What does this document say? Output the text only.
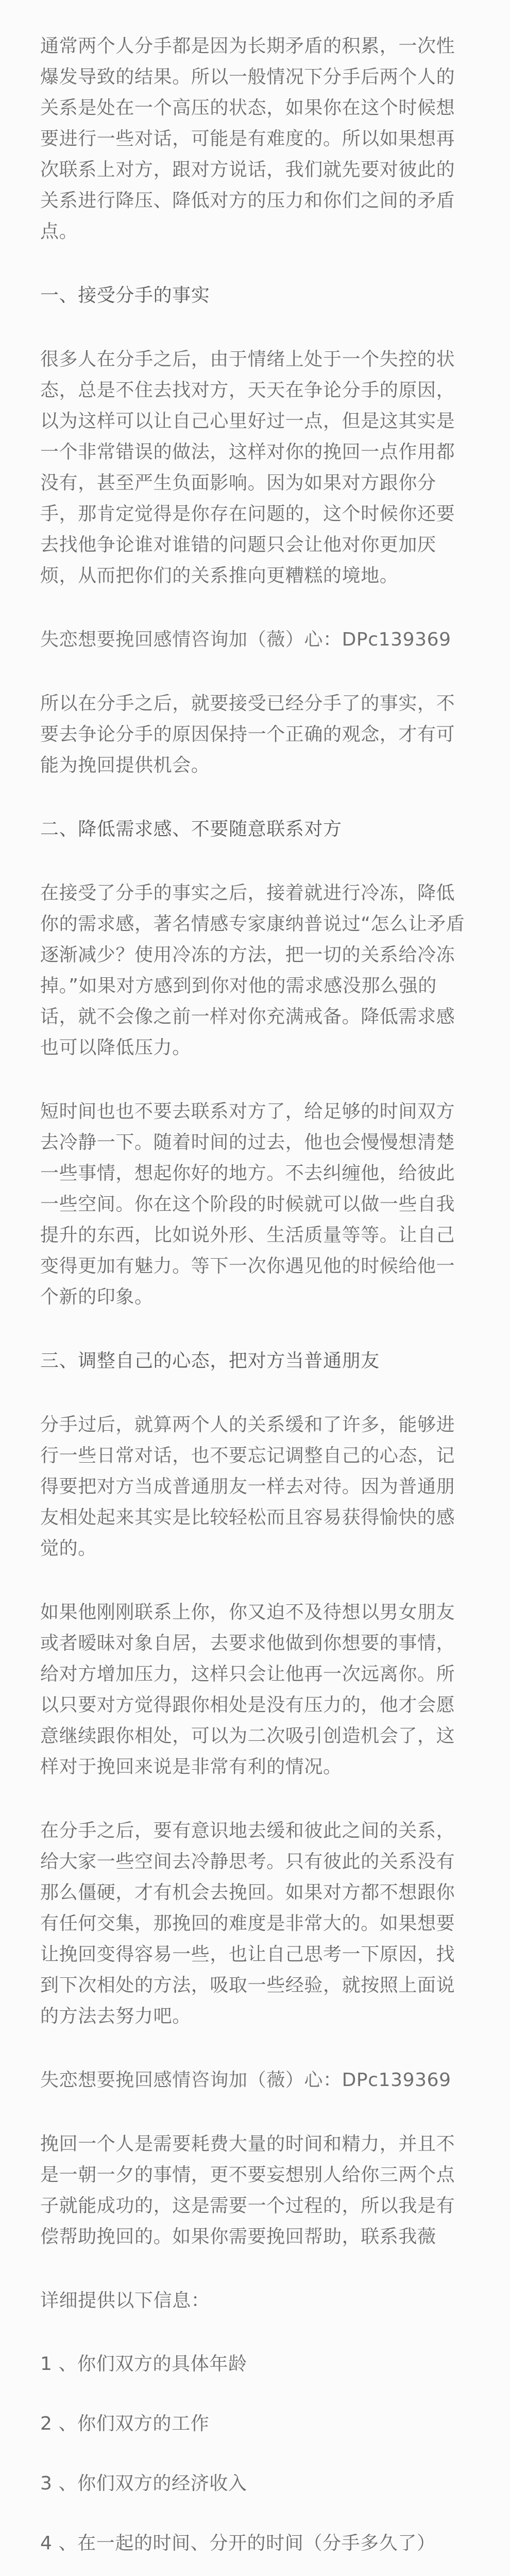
通常两个人分手都是因为长期矛盾的积累，一次性爆发导致的结果。所以一般情况下分手后两个人的关系是处在一个高压的状态，如果你在这个时候想要进行一些对话，可能是有难度的。所以如果想再次联系上对方，跟对方说话，我们就先要对彼此的关系进行降压、降低对方的压力和你们之间的矛盾点。
一、接受分手的事实
很多人在分手之后，由于情绪上处于一个失控的状态，总是不住去找对方，天天在争论分手的原因，以为这样可以让自己心里好过一点，但是这其实是一个非常错误的做法，这样对你的挽回一点作用都没有，甚至严生负面影响。因为如果对方跟你分手，那肯定觉得是你存在问题的，这个时候你还要去找他争论谁对谁错的问题只会让他对你更加厌烦，从而把你们的关系推向更糟糕的境地。
失恋想要挽回感情咨询加（薇）心：DPc139369
所以在分手之后，就要接受已经分手了的事实，不要去争论分手的原因保持一个正确的观念，才有可能为挽回提供机会。
二、降低需求感、不要随意联系对方
在接受了分手的事实之后，接着就进行冷冻，降低你的需求感，著名情感专家康纳普说过“怎么让矛盾逐渐减少？使用冷冻的方法，把一切的关系给冷冻掉。”如果对方感到到你对他的需求感没那么强的话，就不会像之前一样对你充满戒备。降低需求感也可以降低压力。
短时间也也不要去联系对方了，给足够的时间双方去冷静一下。随着时间的过去，他也会慢慢想清楚一些事情，想起你好的地方。不去纠缠他，给彼此一些空间。你在这个阶段的时候就可以做一些自我提升的东西，比如说外形、生活质量等等。让自己变得更加有魅力。等下一次你遇见他的时候给他一个新的印象。
三、调整自己的心态，把对方当普通朋友
分手过后，就算两个人的关系缓和了许多，能够进行一些日常对话，也不要忘记调整自己的心态，记得要把对方当成普通朋友一样去对待。因为普通朋友相处起来其实是比较轻松而且容易获得愉快的感觉的。
如果他刚刚联系上你，你又迫不及待想以男女朋友或者暧昧对象自居，去要求他做到你想要的事情，给对方增加压力，这样只会让他再一次远离你。所以只要对方觉得跟你相处是没有压力的，他才会愿意继续跟你相处，可以为二次吸引创造机会了，这样对于挽回来说是非常有利的情况。
在分手之后，要有意识地去缓和彼此之间的关系，给大家一些空间去冷静思考。只有彼此的关系没有那么僵硬，才有机会去挽回。如果对方都不想跟你有任何交集，那挽回的难度是非常大的。如果想要让挽回变得容易一些，也让自己思考一下原因，找到下次相处的方法，吸取一些经验，就按照上面说的方法去努力吧。
失恋想要挽回感情咨询加（薇）心：DPc139369
挽回一个人是需要耗费大量的时间和精力，并且不是一朝一夕的事情，更不要妄想别人给你三两个点子就能成功的，这是需要一个过程的，所以我是有偿帮助挽回的。如果你需要挽回帮助，联系我薇
详细提供以下信息：
1 、你们双方的具体年龄
2 、你们双方的工作
3 、你们双方的经济收入
4 、在一起的时间、分开的时间（分手多久了）
